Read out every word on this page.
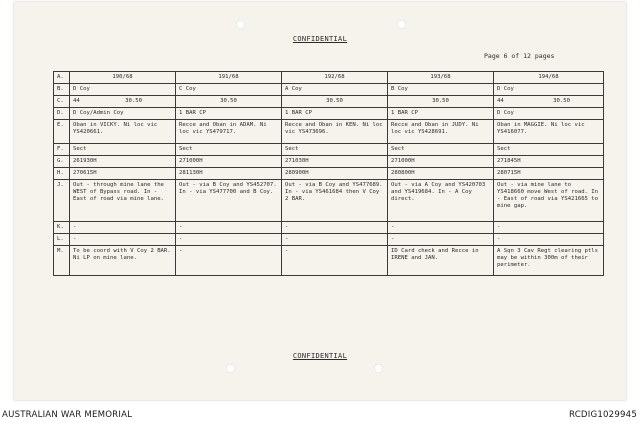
CONFIDENTIAL
Page 6 of 12 pages
A.	190/68	191/68	192/68	193/68	194/68
B.	D Coy	C Coy	A Coy	B Coy	D Coy
C.	44 30.50	30.50	30.50	30.50	44 30.50

D.	D Coy/Admin Coy	1 BAR CP	1 BAR CP	1 BAR CP	D Coy
E.	Oban in VICKY. Ni loc vic YS420661.	Recce and Oban in ADAM. Ni loc vic YS479717.	Recce and Oban in KEN. Ni loc vic YS473696.	Recce and Oban in JUDY. Ni loc vic YS428691.	Oban in MAGGIE. Ni loc vic YS416077.
F.	Sect	Sect	Sect	Sect	Sect
G.	261930H	271000H	271030H	271000H	271845H
H.	270615H	281130H	280900H	280800H	280715H
J.	Out - through mine lane the WEST of Bypass road. In - East of road via mine lane.	Out - via B Coy and YS452707. In - via YS477700 and B Coy.	Out - via B Coy and YS477689. In - via YS461684 then V Coy 2 BAR.	Out - via A Coy and YS420703 and YS419684. In - A Coy direct.	Out - via mine lane to YS418660 move West of road. In - East of road via YS421665 to mine gap.
K.	-	-	-	-	-
L.	-	-	-	-	-
M.	To be coord with V Coy 2 BAR. Ni LP on mine lane.	-	-	ID Card check and Recce in IRENE and JAN.	A Sqn 3 Cav Regt clearing ptls may be within 300m of their perimeter.
CONFIDENTIAL
AUSTRALIAN WAR MEMORIAL	RCDIG1029945
